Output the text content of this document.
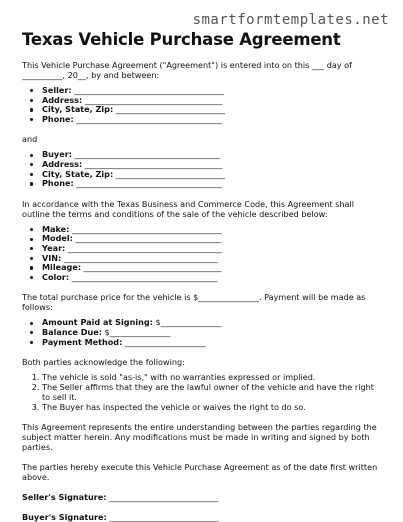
smartformtemplates.net
Texas Vehicle Purchase Agreement

This Vehicle Purchase Agreement ("Agreement") is entered into on this ___ day of __________, 20__, by and between:

Seller: _____________________________________
Address: __________________________________
City, State, Zip: ___________________________
Phone: ____________________________________

and

Buyer: ____________________________________
Address: __________________________________
City, State, Zip: ___________________________
Phone: ____________________________________

In accordance with the Texas Business and Commerce Code, this Agreement shall outline the terms and conditions of the sale of the vehicle described below:

Make: _____________________________________
Model: ____________________________________
Year: ______________________________________
VIN: ______________________________________
Mileage: __________________________________
Color: ____________________________________

The total purchase price for the vehicle is $_______________. Payment will be made as follows:

Amount Paid at Signing: $_______________
Balance Due: $_______________
Payment Method: ____________________

Both parties acknowledge the following:

1. The vehicle is sold "as-is," with no warranties expressed or implied.
2. The Seller affirms that they are the lawful owner of the vehicle and have the right to sell it.
3. The Buyer has inspected the vehicle or waives the right to do so.

This Agreement represents the entire understanding between the parties regarding the subject matter herein. Any modifications must be made in writing and signed by both parties.

The parties hereby execute this Vehicle Purchase Agreement as of the date first written above.

Seller's Signature: ___________________________

Buyer's Signature: ___________________________
